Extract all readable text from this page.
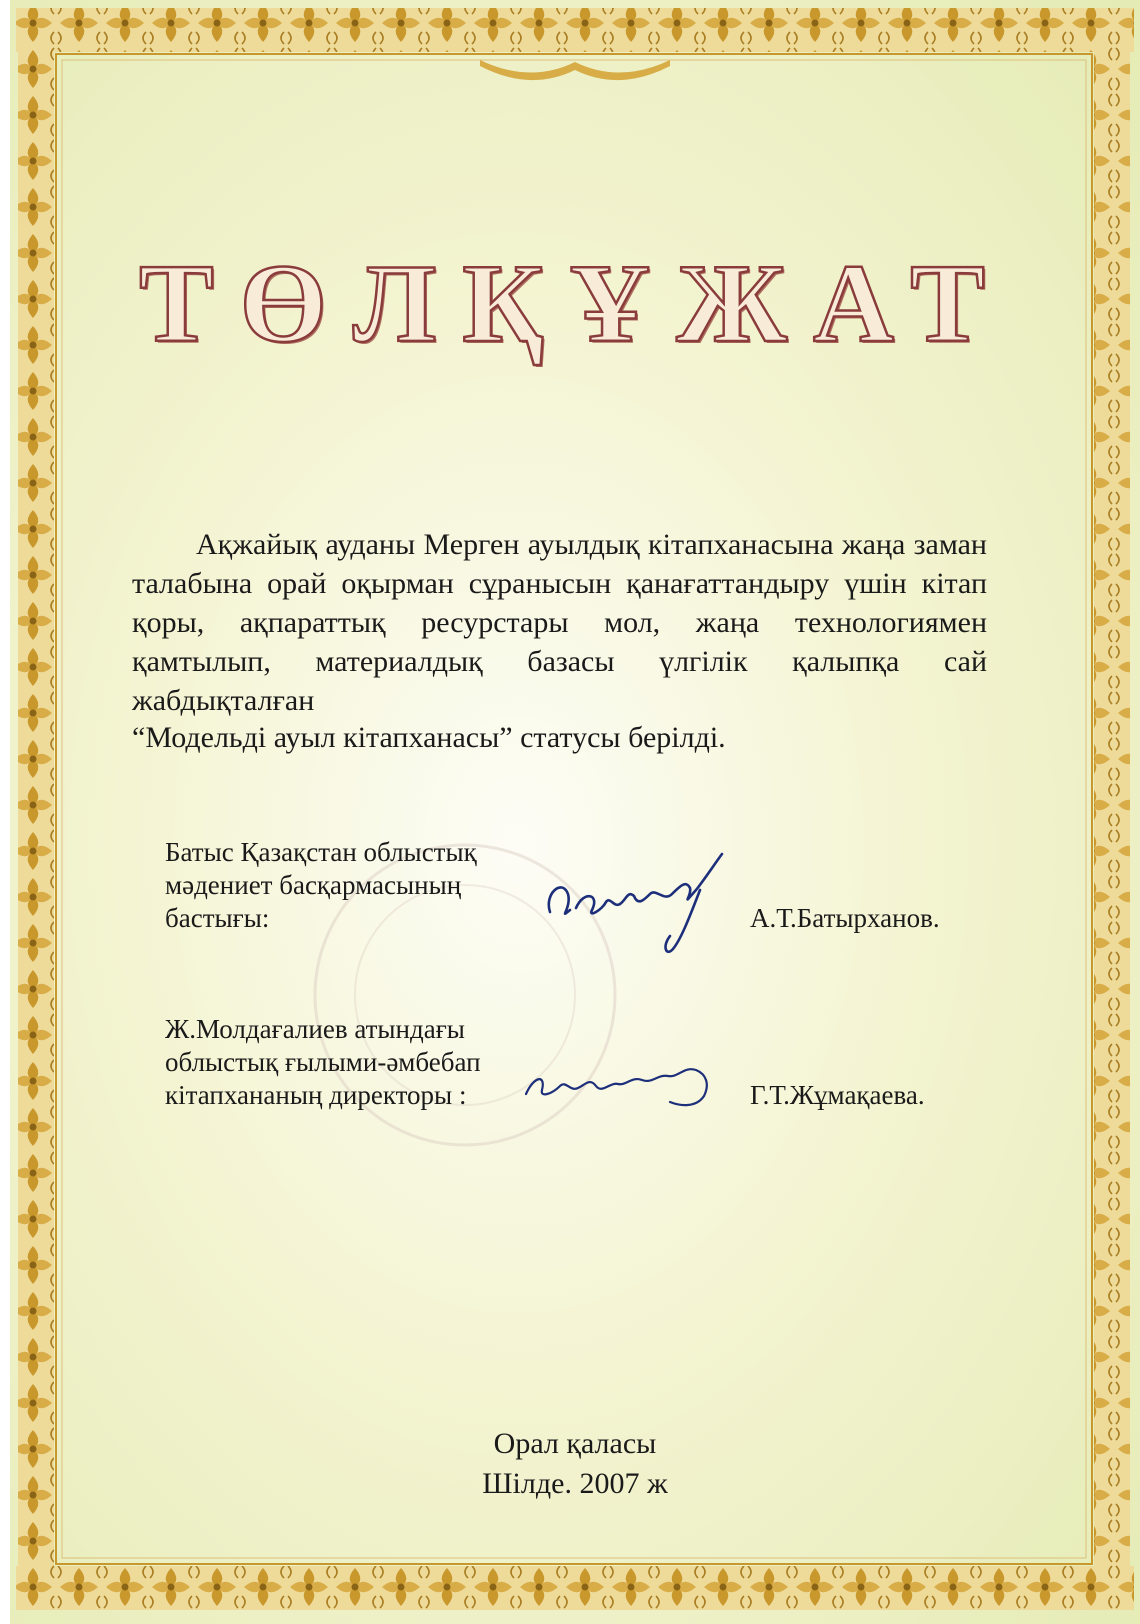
ТӨЛҚҰЖАТ
Ақжайық ауданы Мерген ауылдық кітапханасына жаңа заман талабына орай оқырман сұранысын қанағаттандыру үшін кітап қоры, ақпараттық ресурстары мол, жаңа технологиямен қамтылып, материалдық базасы үлгілік қалыпқа сай жабдықталған
“Модельді ауыл кітапханасы” статусы берілді.
Батыс Қазақстан облыстық
мәдениет басқармасының
бастығы:	А.Т.Батырханов.
Ж.Молдағалиев атындағы
облыстық ғылыми-әмбебап
кітапхананың директоры :	Г.Т.Жұмақаева.
Орал қаласы
Шілде. 2007 ж
